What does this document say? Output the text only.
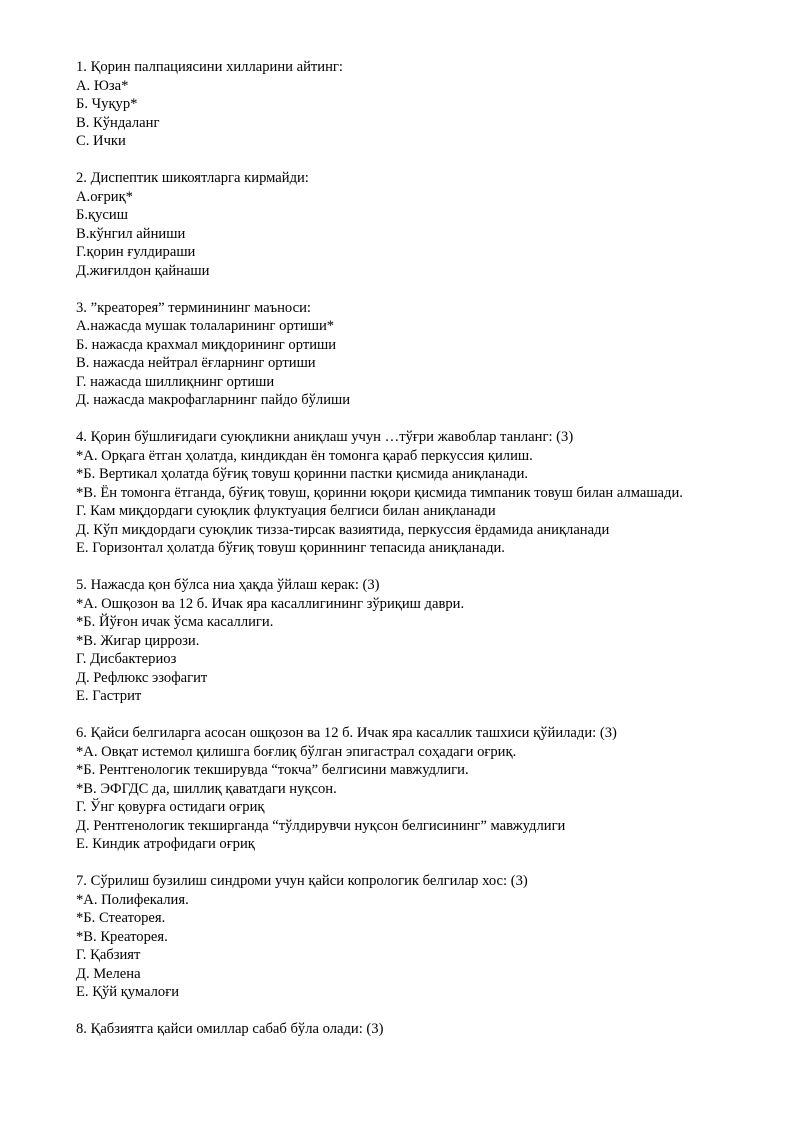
1. Қорин палпациясини хилларини айтинг:
А. Юза*
Б. Чуқур*
В. Кўндаланг
С. Ички
2. Диспептик шикоятларга кирмайди:
А.оғриқ*
Б.қусиш
В.кўнгил айниши
Г.қорин ғулдираши
Д.жиғилдон қайнаши
3. ”креаторея” терминининг маъноси:
А.нажасда мушак толаларининг ортиши*
Б. нажасда крахмал миқдорининг ортиши
В. нажасда нейтрал ёғларнинг ортиши
Г. нажасда шиллиқнинг ортиши
Д. нажасда макрофагларнинг пайдо бўлиши
4. Қорин бўшлиғидаги суюқликни аниқлаш учун …тўғри жавоблар танланг: (3)
*А. Орқага ётган ҳолатда, киндикдан ён томонга қараб перкуссия қилиш.
*Б. Вертикал ҳолатда бўғиқ товуш қоринни пастки қисмида аниқланади.
*В. Ён томонга ётганда, бўғиқ товуш, қоринни юқори қисмида тимпаник товуш билан алмашади.
Г. Кам миқдордаги суюқлик флуктуация белгиси билан аниқланади
Д. Кўп миқдордаги суюқлик тизза-тирсак вазиятида, перкуссия ёрдамида аниқланади
Е. Горизонтал ҳолатда бўғиқ товуш қориннинг тепасида аниқланади.
5. Нажасда қон бўлса ниа ҳақда ўйлаш керак: (3)
*А. Ошқозон ва 12 б. Ичак яра касаллигининг зўриқиш даври.
*Б. Йўғон ичак ўсма касаллиги.
*В. Жигар циррози.
Г. Дисбактериоз
Д. Рефлюкс эзофагит
Е. Гастрит
6. Қайси белгиларга асосан ошқозон ва 12 б. Ичак яра касаллик ташхиси қўйилади: (3)
*А. Овқат истемол қилишга боғлиқ бўлган эпигастрал соҳадаги оғриқ.
*Б. Рентгенологик текширувда “токча” белгисини мавжудлиги.
*В. ЭФГДС да, шиллиқ қаватдаги нуқсон.
Г. Ўнг қовурға остидаги оғриқ
Д. Рентгенологик текширганда “тўлдирувчи нуқсон белгисининг” мавжудлиги
Е. Киндик атрофидаги оғриқ
7. Сўрилиш бузилиш синдроми учун қайси копрологик белгилар хос: (3)
*А. Полифекалия.
*Б. Стеаторея.
*В. Креаторея.
Г. Қабзият
Д. Мелена
Е. Қўй қумалоғи
8. Қабзиятга қайси омиллар сабаб бўла олади: (3)
